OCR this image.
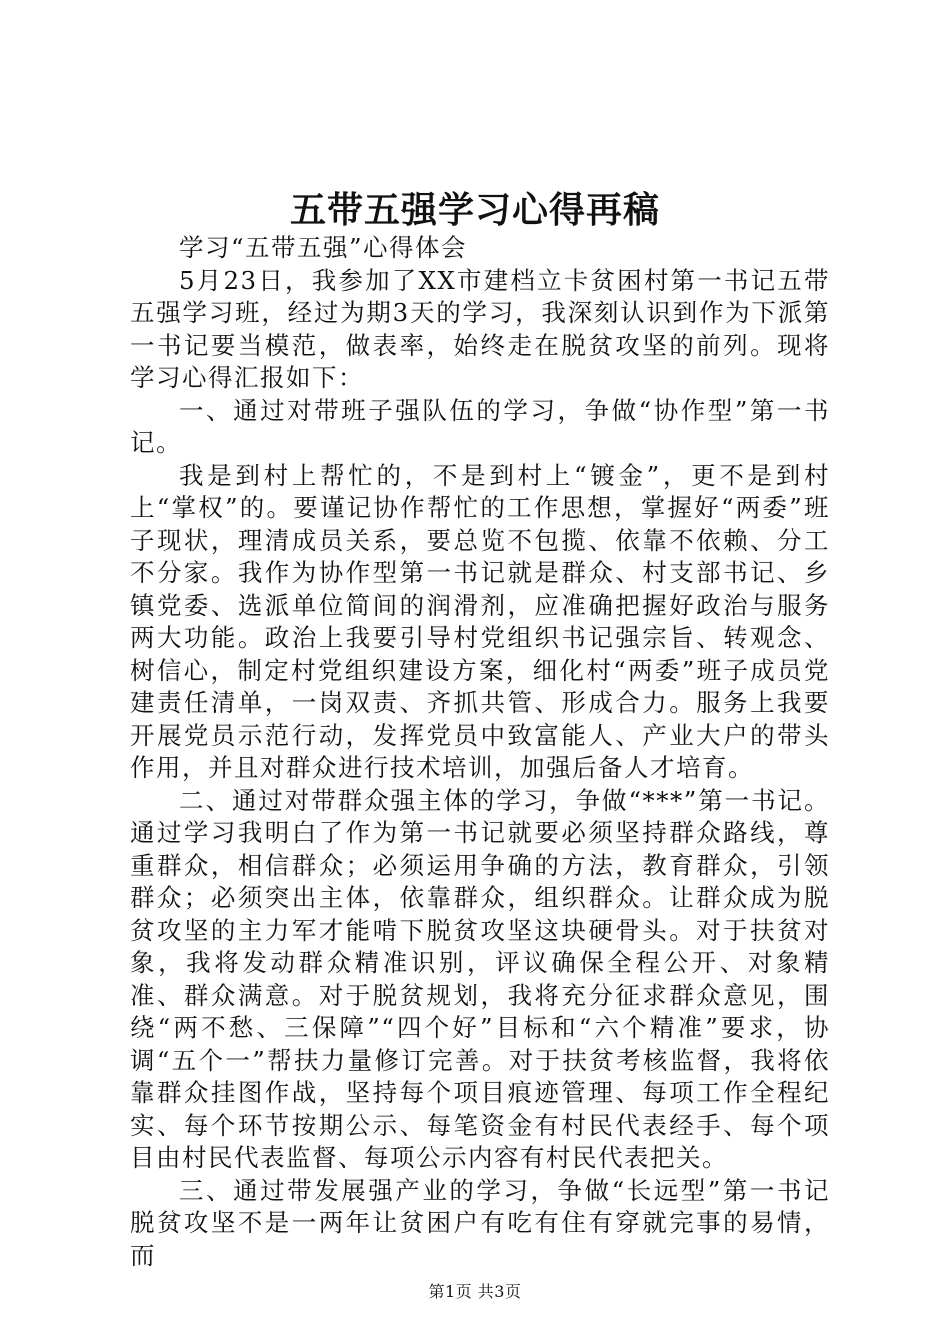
五带五强学习心得再稿

学习“五带五强”心得体会

5月23日，我参加了XX市建档立卡贫困村第一书记五带五强学习班，经过为期3天的学习，我深刻认识到作为下派第一书记要当模范，做表率，始终走在脱贫攻坚的前列。现将学习心得汇报如下：

一、通过对带班子强队伍的学习，争做“协作型”第一书记。

我是到村上帮忙的，不是到村上“镀金”，更不是到村上“掌权”的。要谨记协作帮忙的工作思想，掌握好“两委”班子现状，理清成员关系，要总览不包揽、依靠不依赖、分工不分家。我作为协作型第一书记就是群众、村支部书记、乡镇党委、选派单位简间的润滑剂，应准确把握好政治与服务两大功能。政治上我要引导村党组织书记强宗旨、转观念、树信心，制定村党组织建设方案，细化村“两委”班子成员党建责任清单，一岗双责、齐抓共管、形成合力。服务上我要开展党员示范行动，发挥党员中致富能人、产业大户的带头作用，并且对群众进行技术培训，加强后备人才培育。

二、通过对带群众强主体的学习，争做“***”第一书记。通过学习我明白了作为第一书记就要必须坚持群众路线，尊重群众，相信群众；必须运用争确的方法，教育群众，引领群众；必须突出主体，依靠群众，组织群众。让群众成为脱贫攻坚的主力军才能啃下脱贫攻坚这块硬骨头。对于扶贫对象，我将发动群众精准识别，评议确保全程公开、对象精准、群众满意。对于脱贫规划，我将充分征求群众意见，围绕“两不愁、三保障”“四个好”目标和“六个精准”要求，协调“五个一”帮扶力量修订完善。对于扶贫考核监督，我将依靠群众挂图作战，坚持每个项目痕迹管理、每项工作全程纪实、每个环节按期公示、每笔资金有村民代表经手、每个项目由村民代表监督、每项公示内容有村民代表把关。

三、通过带发展强产业的学习，争做“长远型”第一书记脱贫攻坚不是一两年让贫困户有吃有住有穿就完事的易情，而

第1页 共3页
